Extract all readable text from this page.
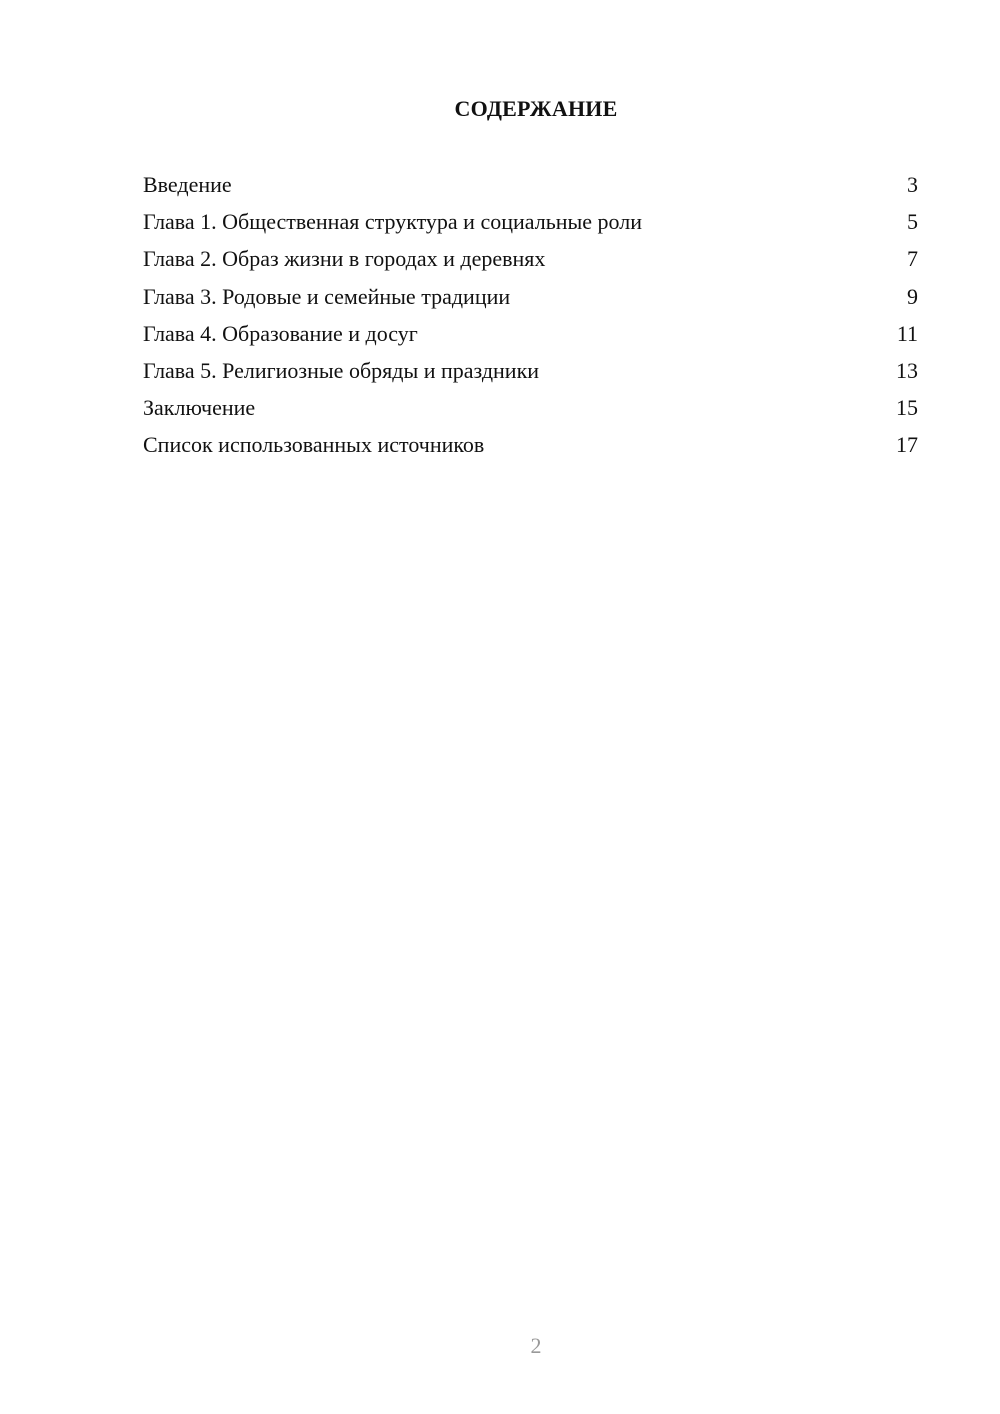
СОДЕРЖАНИЕ
Введение	3
Глава 1. Общественная структура и социальные роли	5
Глава 2. Образ жизни в городах и деревнях	7
Глава 3. Родовые и семейные традиции	9
Глава 4. Образование и досуг	11
Глава 5. Религиозные обряды и праздники	13
Заключение	15
Список использованных источников	17
2
